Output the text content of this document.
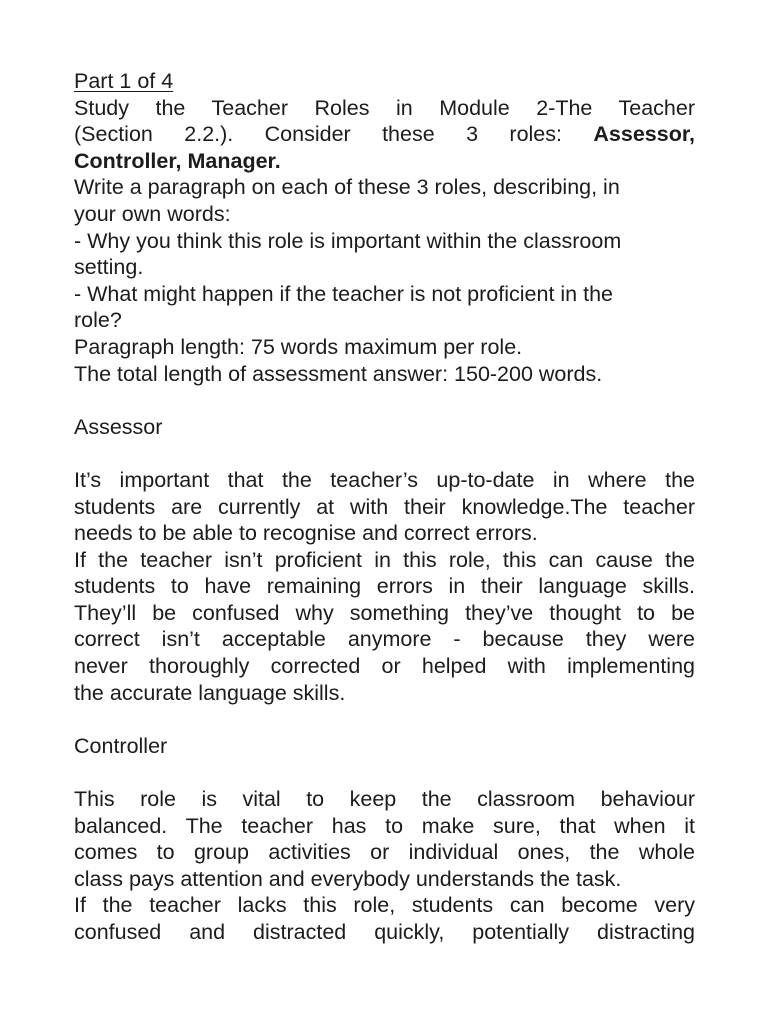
Part 1 of 4
Study the Teacher Roles in Module 2-The Teacher
(Section 2.2.). Consider these 3 roles: Assessor,
Controller, Manager.
Write a paragraph on each of these 3 roles, describing, in
your own words:
- Why you think this role is important within the classroom
setting.
- What might happen if the teacher is not proficient in the
role?
Paragraph length: 75 words maximum per role.
The total length of assessment answer: 150-200 words.
Assessor
It’s important that the teacher’s up-to-date in where the
students are currently at with their knowledge.The teacher
needs to be able to recognise and correct errors.
If the teacher isn’t proficient in this role, this can cause the
students to have remaining errors in their language skills.
They’ll be confused why something they’ve thought to be
correct isn’t acceptable anymore - because they were
never thoroughly corrected or helped with implementing
the accurate language skills.
Controller
This role is vital to keep the classroom behaviour
balanced. The teacher has to make sure, that when it
comes to group activities or individual ones, the whole
class pays attention and everybody understands the task.
If the teacher lacks this role, students can become very
confused and distracted quickly, potentially distracting
